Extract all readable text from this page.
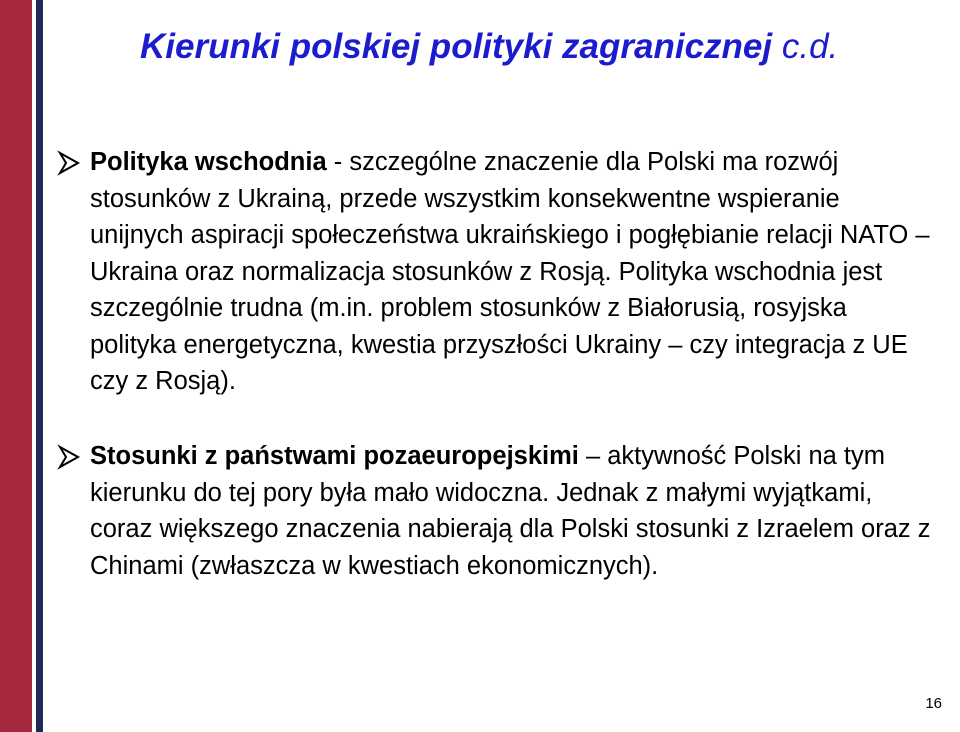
Kierunki polskiej polityki zagranicznej c.d.
Polityka wschodnia - szczególne znaczenie dla Polski ma rozwój stosunków z Ukrainą, przede wszystkim konsekwentne wspieranie unijnych aspiracji społeczeństwa ukraińskiego i pogłębianie relacji NATO – Ukraina oraz normalizacja stosunków z Rosją. Polityka wschodnia jest szczególnie trudna (m.in. problem stosunków z Białorusią, rosyjska polityka energetyczna, kwestia przyszłości Ukrainy – czy integracja z UE czy z Rosją).
Stosunki z państwami pozaeuropejskimi – aktywność Polski na tym kierunku do tej pory była mało widoczna. Jednak z małymi wyjątkami, coraz większego znaczenia nabierają dla Polski stosunki z Izraelem oraz z Chinami (zwłaszcza w kwestiach ekonomicznych).
16
